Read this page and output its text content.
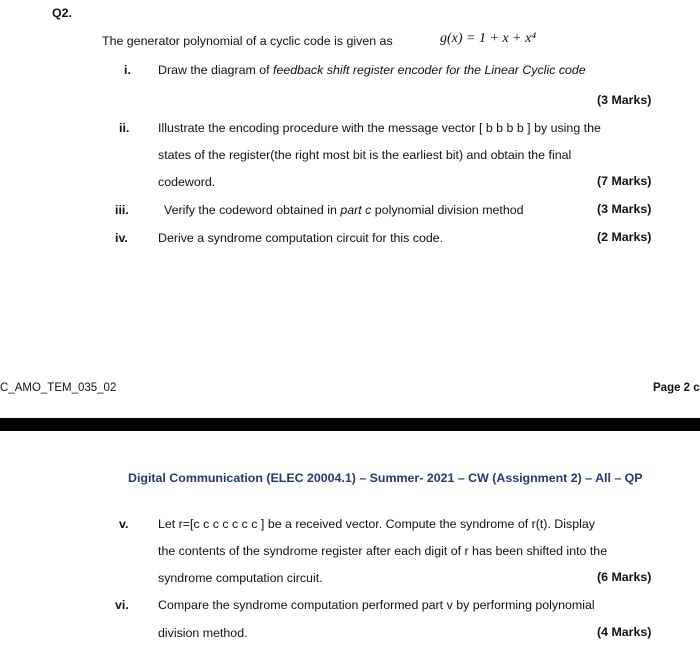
Q2.
The generator polynomial of a cyclic code is given as	g(x) = 1 + x + x⁴
i. Draw the diagram of feedback shift register encoder for the Linear Cyclic code
(3 Marks)
ii. Illustrate the encoding procedure with the message vector [ b b b b ] by using the
states of the register(the right most bit is the earliest bit) and obtain the final
codeword.	(7 Marks)
iii.	Verify the codeword obtained in part c polynomial division method	(3 Marks)
iv. Derive a syndrome computation circuit for this code.	(2 Marks)
C_AMO_TEM_035_02	Page 2 c
Digital Communication (ELEC 20004.1) – Summer- 2021 – CW (Assignment 2) – All – QP
v. Let r=[c c c c c c c ] be a received vector. Compute the syndrome of r(t). Display
the contents of the syndrome register after each digit of r has been shifted into the
syndrome computation circuit.	(6 Marks)
vi. Compare the syndrome computation performed part v by performing polynomial
division method.	(4 Marks)
